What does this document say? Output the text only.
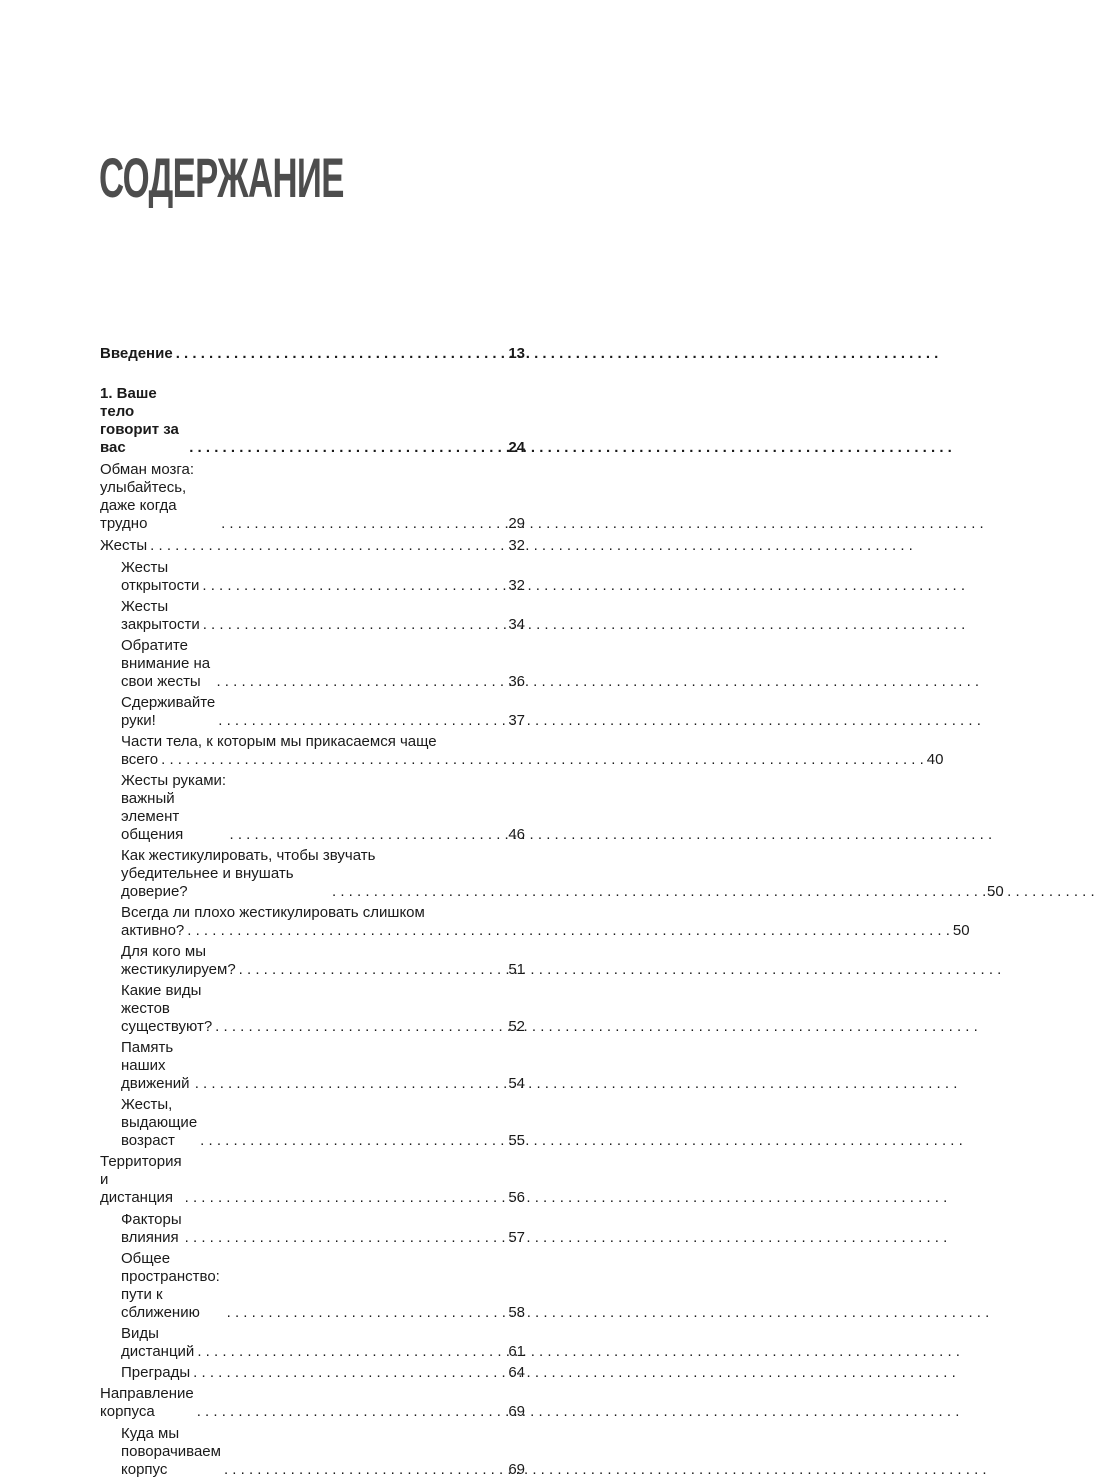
СОДЕРЖАНИЕ
Введение . . .	13
1. Ваше тело говорит за вас . . .	24
Обман мозга: улыбайтесь, даже когда трудно . . .	29
Жесты . . .	32
Жесты открытости . . .	32
Жесты закрытости . . .	34
Обратите внимание на свои жесты . . .	36
Сдерживайте руки! . . .	37
Части тела, к которым мы прикасаемся чаще
всего . . .	40
Жесты руками: важный элемент общения . . .	46
Как жестикулировать, чтобы звучать
убедительнее и внушать доверие? . . .	50
Всегда ли плохо жестикулировать слишком
активно? . . .	50
Для кого мы жестикулируем? . . .	51
Какие виды жестов существуют? . . .	52
Память наших движений . . .	54
Жесты, выдающие возраст . . .	55
Территория и дистанция . . .	56
Факторы влияния . . .	57
Общее пространство: пути к сближению . . .	58
Виды дистанций . . .	61
Преграды . . .	64
Направление корпуса . . .	69
Куда мы поворачиваем корпус . . .	69
